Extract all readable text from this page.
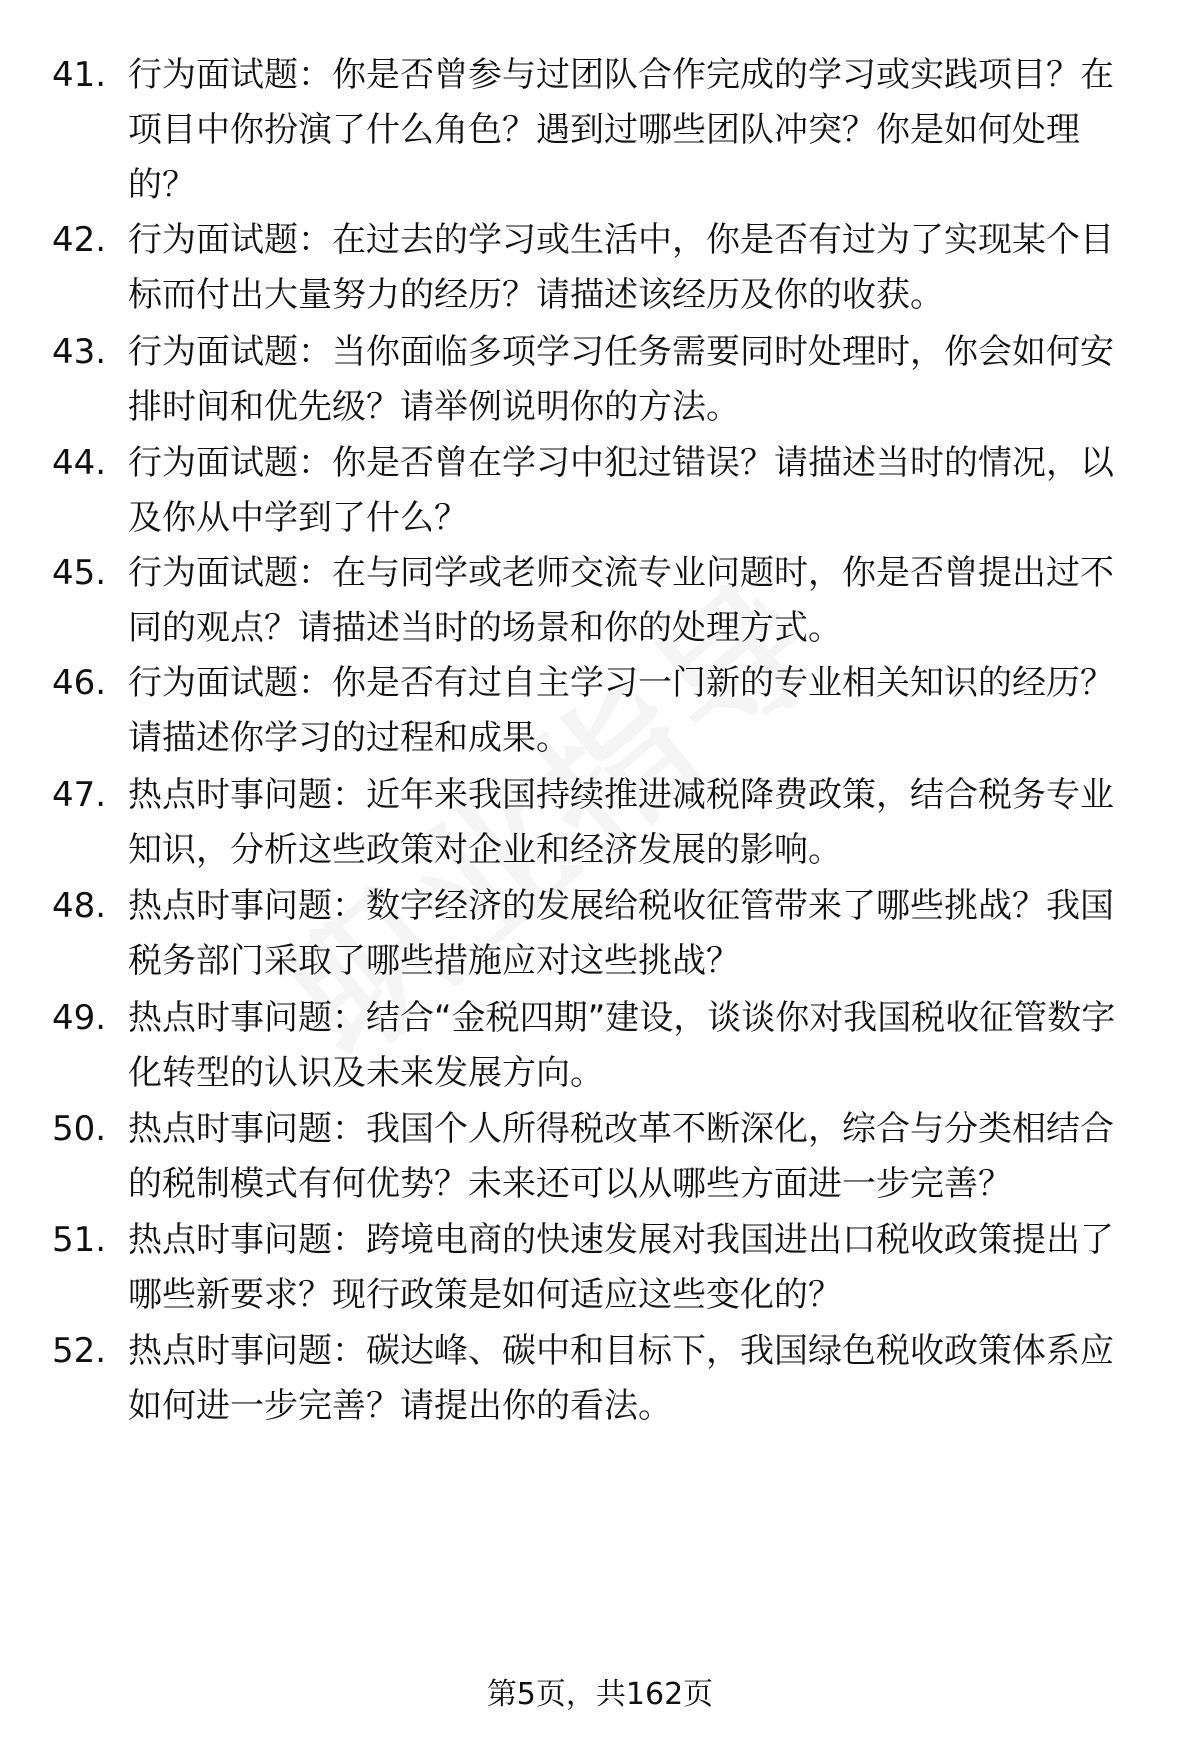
41. 行为面试题：你是否曾参与过团队合作完成的学习或实践项目？在项目中你扮演了什么角色？遇到过哪些团队冲突？你是如何处理的？
42. 行为面试题：在过去的学习或生活中，你是否有过为了实现某个目标而付出大量努力的经历？请描述该经历及你的收获。
43. 行为面试题：当你面临多项学习任务需要同时处理时，你会如何安排时间和优先级？请举例说明你的方法。
44. 行为面试题：你是否曾在学习中犯过错误？请描述当时的情况，以及你从中学到了什么？
45. 行为面试题：在与同学或老师交流专业问题时，你是否曾提出过不同的观点？请描述当时的场景和你的处理方式。
46. 行为面试题：你是否有过自主学习一门新的专业相关知识的经历？请描述你学习的过程和成果。
47. 热点时事问题：近年来我国持续推进减税降费政策，结合税务专业知识，分析这些政策对企业和经济发展的影响。
48. 热点时事问题：数字经济的发展给税收征管带来了哪些挑战？我国税务部门采取了哪些措施应对这些挑战？
49. 热点时事问题：结合“金税四期”建设，谈谈你对我国税收征管数字化转型的认识及未来发展方向。
50. 热点时事问题：我国个人所得税改革不断深化，综合与分类相结合的税制模式有何优势？未来还可以从哪些方面进一步完善？
51. 热点时事问题：跨境电商的快速发展对我国进出口税收政策提出了哪些新要求？现行政策是如何适应这些变化的？
52. 热点时事问题：碳达峰、碳中和目标下，我国绿色税收政策体系应如何进一步完善？请提出你的看法。
第5页，共162页
